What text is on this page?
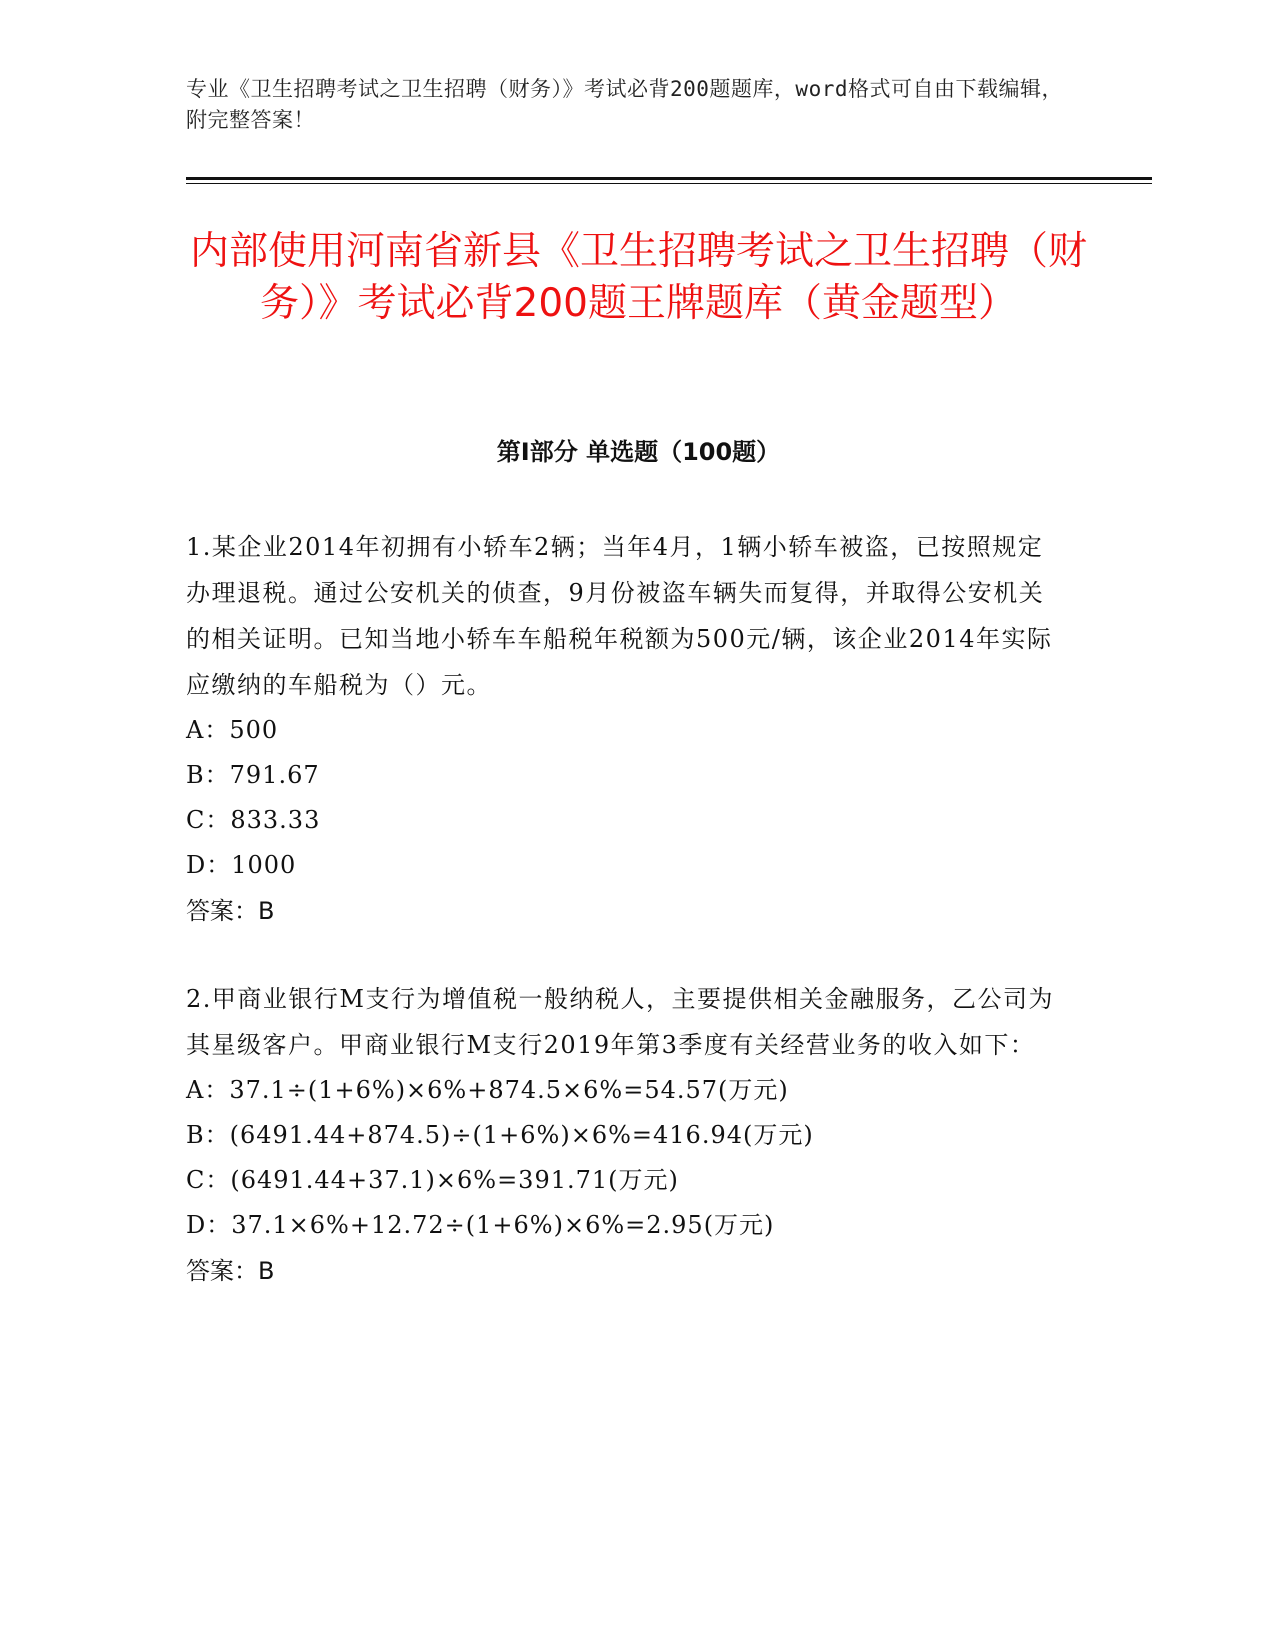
专业《卫生招聘考试之卫生招聘（财务）》考试必背200题题库，word格式可自由下载编辑，附完整答案！
内部使用河南省新县《卫生招聘考试之卫生招聘（财务）》考试必背200题王牌题库（黄金题型）
第Ⅰ部分 单选题（100题）

1.某企业2014年初拥有小轿车2辆；当年4月，1辆小轿车被盗，已按照规定办理退税。通过公安机关的侦查，9月份被盗车辆失而复得，并取得公安机关的相关证明。已知当地小轿车车船税年税额为500元/辆，该企业2014年实际应缴纳的车船税为（）元。

A：500
B：791.67
C：833.33
D：1000
答案：B

2.甲商业银行M支行为增值税一般纳税人，主要提供相关金融服务，乙公司为其星级客户。甲商业银行M支行2019年第3季度有关经营业务的收入如下：

A：37.1÷(1+6%)×6%+874.5×6%=54.57(万元)
B：(6491.44+874.5)÷(1+6%)×6%=416.94(万元)
C：(6491.44+37.1)×6%=391.71(万元)
D：37.1×6%+12.72÷(1+6%)×6%=2.95(万元)
答案：B
